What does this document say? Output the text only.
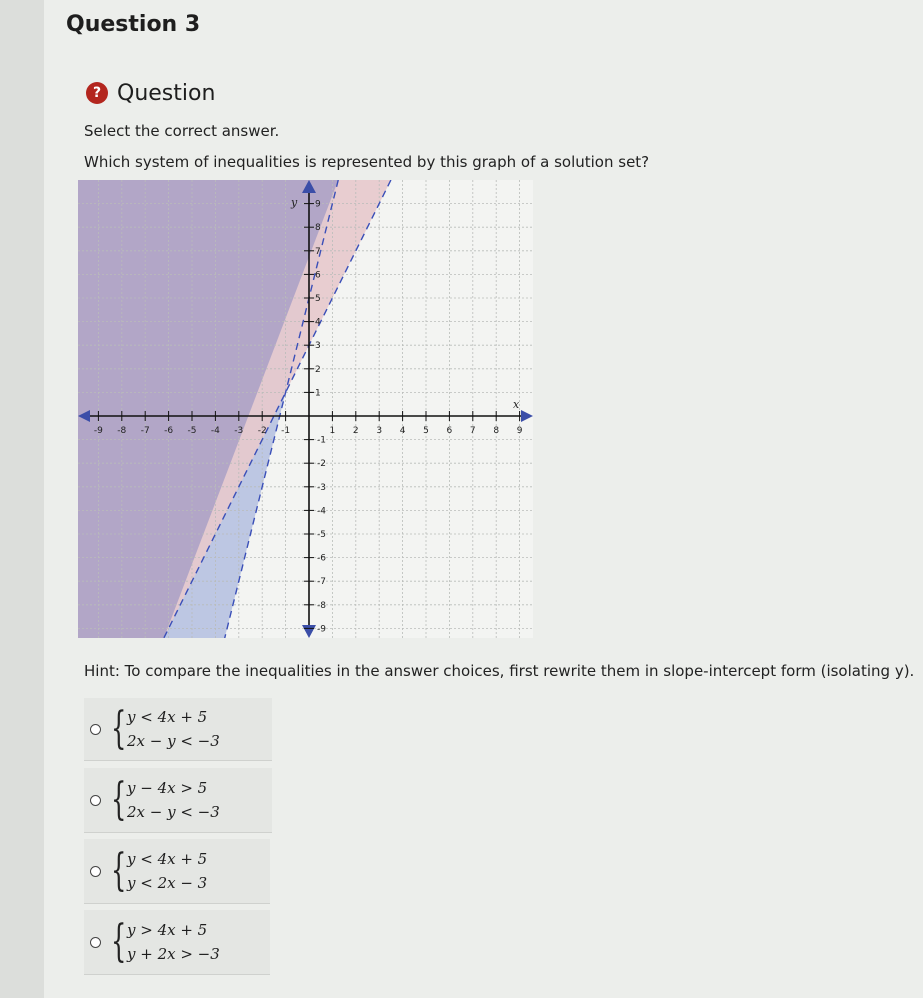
Question 3
? Question
Select the correct answer.
Which system of inequalities is represented by this graph of a solution set?
-9 -8 -7 -6 -5 -4 -3 -2 -1	1 2 3 4 5 6 7 8 9
9
8
7
6
5
4
3
2
1
-1
-2
-3
-4
-5
-6
-7
-8
-9
x
y
Hint: To compare the inequalities in the answer choices, first rewrite them in slope-intercept form (isolating y).
{ y < 4x + 5
2x − y < −3
{ y − 4x > 5
2x − y < −3
{ y < 4x + 5
y < 2x − 3
{ y > 4x + 5
y + 2x > −3
